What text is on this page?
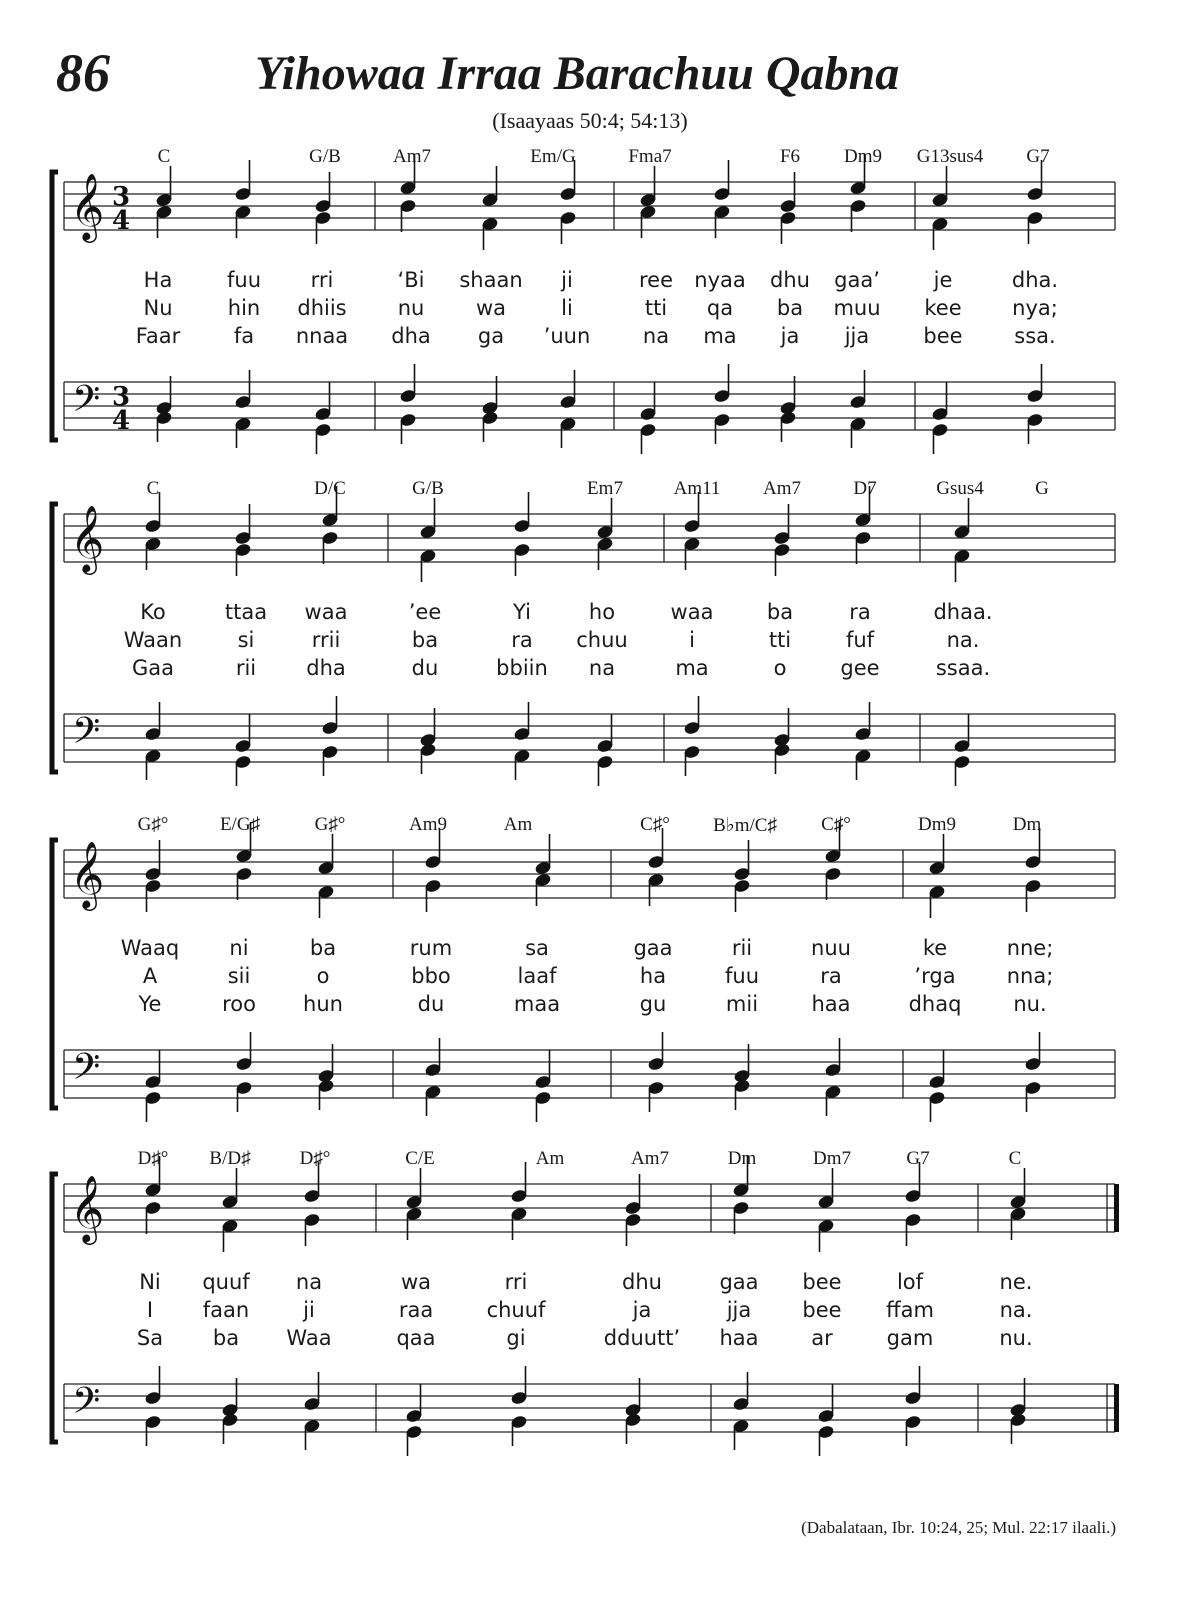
86	Yihowaa Irraa Barachuu Qabna
(Isaayaas 50:4; 54:13)
C	G/B	Am7	Em/G	Fma7	F6 Dm9 G13sus4 G7
𝄞
𝄢
3
4
3
4
Ha	fuu rri	‘Bi shaan ji	ree nyaa dhu gaa’	je	dha.
Nu	hin dhiis nu wa	li	tti qa ba muu kee nya;
Faar	fa nnaa dha ga ’uun	na ma ja jja	bee ssa.
C	D/C	G/B	Em7	Am11 Am7	D7	Gsus4	G
𝄞
𝄢
Ko	ttaa waa	’ee	Yi	ho	waa	ba	ra	dhaa.
Waan	si	rrii	ba	ra chuu	i	tti	fuf	na.
Gaa	rii dha	du	bbiin na	ma	o	gee	ssaa.
G♯°	E/G♯	G♯°	Am9	Am	C♯° B♭m/C♯ C♯°	Dm9	Dm
𝄞
𝄢
Waaq ni	ba	rum	sa	gaa	rii	nuu	ke	nne;
A	sii	o	bbo	laaf	ha	fuu	ra	’rga nna;
Ye	roo hun	du	maa	gu	mii	haa	dhaq nu.
D♯° B/D♯	D♯°	C/E	Am	Am7	Dm	Dm7	G7	C
𝄞
𝄢
Ni quuf na	wa	rri	dhu	gaa bee	lof	ne.
I faan	ji	raa	chuuf	ja	jja bee ffam	na.
Sa ba Waa	qaa	gi	dduutt’ haa	ar	gam	nu.
(Dabalataan, Ibr. 10:24, 25; Mul. 22:17 ilaali.)
